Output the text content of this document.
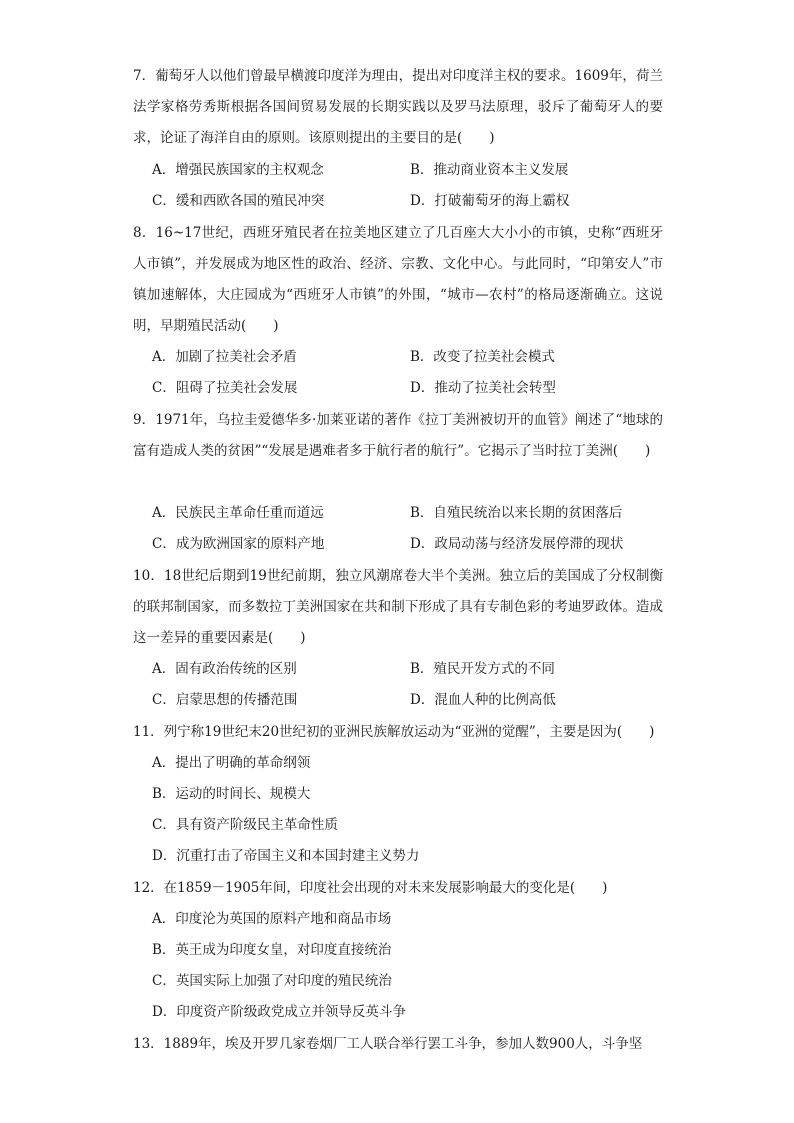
7．葡萄牙人以他们曾最早横渡印度洋为理由，提出对印度洋主权的要求。1609年，荷兰法学家格劳秀斯根据各国间贸易发展的长期实践以及罗马法原理，驳斥了葡萄牙人的要求，论证了海洋自由的原则。该原则提出的主要目的是(　　)

A．增强民族国家的主权观念	B．推动商业资本主义发展

C．缓和西欧各国的殖民冲突	D．打破葡萄牙的海上霸权

8．16~17世纪，西班牙殖民者在拉美地区建立了几百座大大小小的市镇，史称“西班牙人市镇”，并发展成为地区性的政治、经济、宗教、文化中心。与此同时，“印第安人”市镇加速解体，大庄园成为“西班牙人市镇”的外围，“城市—农村”的格局逐渐确立。这说明，早期殖民活动(　　)

A．加剧了拉美社会矛盾	B．改变了拉美社会模式

C．阻碍了拉美社会发展	D．推动了拉美社会转型

9．1971年，乌拉圭爱德华多·加莱亚诺的著作《拉丁美洲被切开的血管》阐述了“地球的富有造成人类的贫困”“发展是遇难者多于航行者的航行”。它揭示了当时拉丁美洲(　　)

A．民族民主革命任重而道远	B．自殖民统治以来长期的贫困落后

C．成为欧洲国家的原料产地	D．政局动荡与经济发展停滞的现状

10．18世纪后期到19世纪前期，独立风潮席卷大半个美洲。独立后的美国成了分权制衡的联邦制国家，而多数拉丁美洲国家在共和制下形成了具有专制色彩的考迪罗政体。造成这一差异的重要因素是(　　)

A．固有政治传统的区别	B．殖民开发方式的不同

C．启蒙思想的传播范围	D．混血人种的比例高低

11．列宁称19世纪末20世纪初的亚洲民族解放运动为“亚洲的觉醒”，主要是因为(　　)

A．提出了明确的革命纲领

B．运动的时间长、规模大

C．具有资产阶级民主革命性质

D．沉重打击了帝国主义和本国封建主义势力

12．在1859－1905年间，印度社会出现的对未来发展影响最大的变化是(　　)

A．印度沦为英国的原料产地和商品市场

B．英王成为印度女皇，对印度直接统治

C．英国实际上加强了对印度的殖民统治

D．印度资产阶级政党成立并领导反英斗争

13．1889年，埃及开罗几家卷烟厂工人联合举行罢工斗争，参加人数900人，斗争坚
